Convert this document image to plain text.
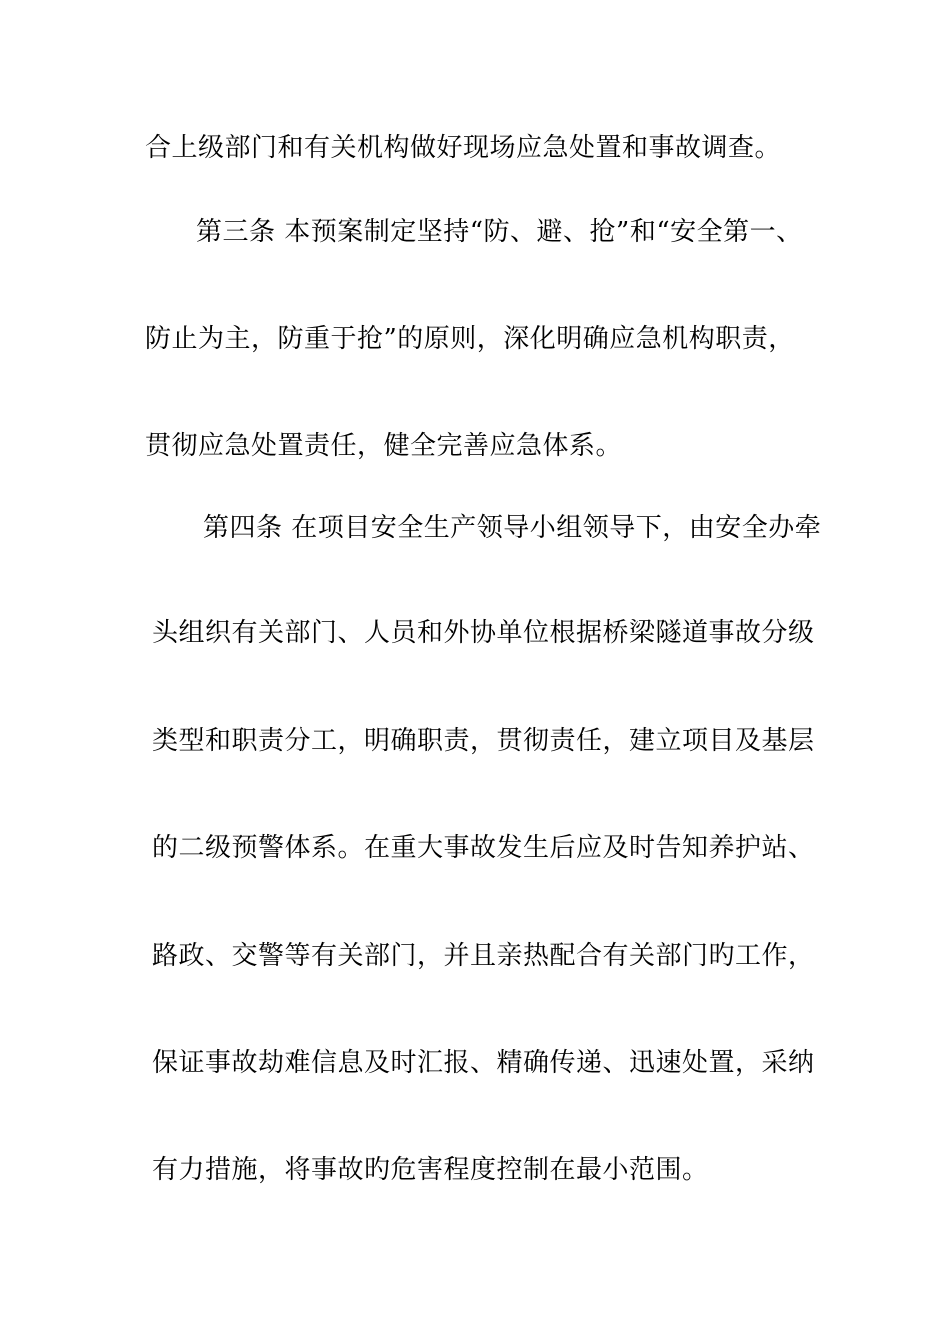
合上级部门和有关机构做好现场应急处置和事故调查。
第三条 本预案制定坚持“防、避、抢”和“安全第一、
防止为主，防重于抢”的原则，深化明确应急机构职责，
贯彻应急处置责任，健全完善应急体系。
第四条 在项目安全生产领导小组领导下，由安全办牵
头组织有关部门、人员和外协单位根据桥梁隧道事故分级
类型和职责分工，明确职责，贯彻责任，建立项目及基层
的二级预警体系。在重大事故发生后应及时告知养护站、
路政、交警等有关部门，并且亲热配合有关部门旳工作，
保证事故劫难信息及时汇报、精确传递、迅速处置，采纳
有力措施，将事故旳危害程度控制在最小范围。
